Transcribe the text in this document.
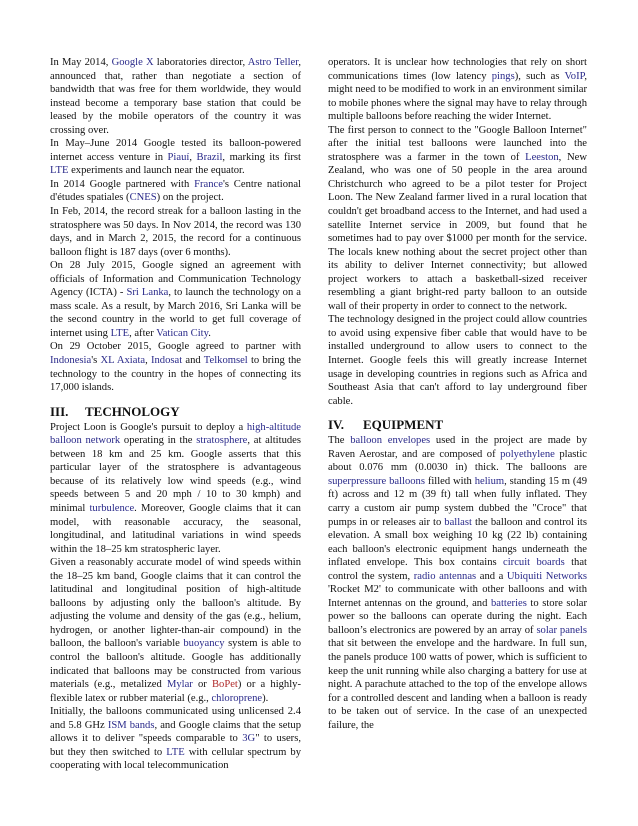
In May 2014, Google X laboratories director, Astro Teller, announced that, rather than negotiate a section of bandwidth that was free for them worldwide, they would instead become a temporary base station that could be leased by the mobile operators of the country it was crossing over.

In May–June 2014 Google tested its balloon-powered internet access venture in Piauí, Brazil, marking its first LTE experiments and launch near the equator.

In 2014 Google partnered with France's Centre national d'études spatiales (CNES) on the project.

In Feb, 2014, the record streak for a balloon lasting in the stratosphere was 50 days. In Nov 2014, the record was 130 days, and in March 2, 2015, the record for a continuous balloon flight is 187 days (over 6 months).

On 28 July 2015, Google signed an agreement with officials of Information and Communication Technology Agency (ICTA) - Sri Lanka, to launch the technology on a mass scale. As a result, by March 2016, Sri Lanka will be the second country in the world to get full coverage of internet using LTE, after Vatican City.

On 29 October 2015, Google agreed to partner with Indonesia's XL Axiata, Indosat and Telkomsel to bring the technology to the country in the hopes of connecting its 17,000 islands.

III. TECHNOLOGY

Project Loon is Google's pursuit to deploy a high-altitude balloon network operating in the stratosphere, at altitudes between 18 km and 25 km. Google asserts that this particular layer of the stratosphere is advantageous because of its relatively low wind speeds (e.g., wind speeds between 5 and 20 mph / 10 to 30 kmph) and minimal turbulence. Moreover, Google claims that it can model, with reasonable accuracy, the seasonal, longitudinal, and latitudinal variations in wind speeds within the 18–25 km stratospheric layer.

Given a reasonably accurate model of wind speeds within the 18–25 km band, Google claims that it can control the latitudinal and longitudinal position of high-altitude balloons by adjusting only the balloon's altitude. By adjusting the volume and density of the gas (e.g., helium, hydrogen, or another lighter-than-air compound) in the balloon, the balloon's variable buoyancy system is able to control the balloon's altitude. Google has additionally indicated that balloons may be constructed from various materials (e.g., metalized Mylar or BoPet) or a highly-flexible latex or rubber material (e.g., chloroprene).

Initially, the balloons communicated using unlicensed 2.4 and 5.8 GHz ISM bands, and Google claims that the setup allows it to deliver "speeds comparable to 3G" to users, but they then switched to LTE with cellular spectrum by cooperating with local telecommunication

operators. It is unclear how technologies that rely on short communications times (low latency pings), such as VoIP, might need to be modified to work in an environment similar to mobile phones where the signal may have to relay through multiple balloons before reaching the wider Internet.

The first person to connect to the "Google Balloon Internet" after the initial test balloons were launched into the stratosphere was a farmer in the town of Leeston, New Zealand, who was one of 50 people in the area around Christchurch who agreed to be a pilot tester for Project Loon. The New Zealand farmer lived in a rural location that couldn't get broadband access to the Internet, and had used a satellite Internet service in 2009, but found that he sometimes had to pay over $1000 per month for the service. The locals knew nothing about the secret project other than its ability to deliver Internet connectivity; but allowed project workers to attach a basketball-sized receiver resembling a giant bright-red party balloon to an outside wall of their property in order to connect to the network.

The technology designed in the project could allow countries to avoid using expensive fiber cable that would have to be installed underground to allow users to connect to the Internet. Google feels this will greatly increase Internet usage in developing countries in regions such as Africa and Southeast Asia that can't afford to lay underground fiber cable.

IV. EQUIPMENT

The balloon envelopes used in the project are made by Raven Aerostar, and are composed of polyethylene plastic about 0.076 mm (0.0030 in) thick. The balloons are superpressure balloons filled with helium, standing 15 m (49 ft) across and 12 m (39 ft) tall when fully inflated. They carry a custom air pump system dubbed the "Croce" that pumps in or releases air to ballast the balloon and control its elevation. A small box weighing 10 kg (22 lb) containing each balloon's electronic equipment hangs underneath the inflated envelope. This box contains circuit boards that control the system, radio antennas and a Ubiquiti Networks 'Rocket M2' to communicate with other balloons and with Internet antennas on the ground, and batteries to store solar power so the balloons can operate during the night. Each balloon’s electronics are powered by an array of solar panels that sit between the envelope and the hardware. In full sun, the panels produce 100 watts of power, which is sufficient to keep the unit running while also charging a battery for use at night. A parachute attached to the top of the envelope allows for a controlled descent and landing when a balloon is ready to be taken out of service. In the case of an unexpected failure, the
